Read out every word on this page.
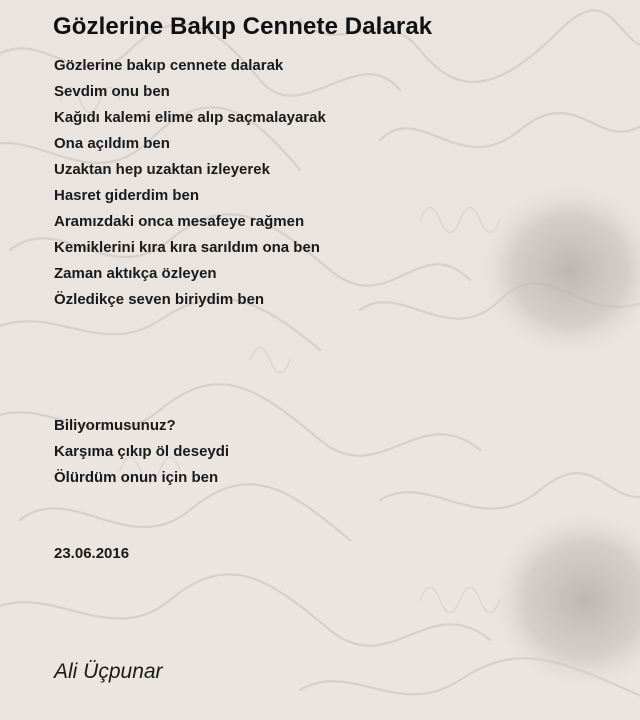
Gözlerine Bakıp Cennete Dalarak
Gözlerine bakıp cennete dalarak
Sevdim onu ben
Kağıdı kalemi elime alıp saçmalayarak
Ona açıldım ben
Uzaktan hep uzaktan izleyerek
Hasret giderdim ben
Aramızdaki onca mesafeye rağmen
Kemiklerini kıra kıra sarıldım ona ben
Zaman aktıkça özleyen
Özledikçe seven biriydim ben
Biliyormusunuz?
Karşıma çıkıp öl deseydi
Ölürdüm onun için ben
23.06.2016
Ali Üçpunar
